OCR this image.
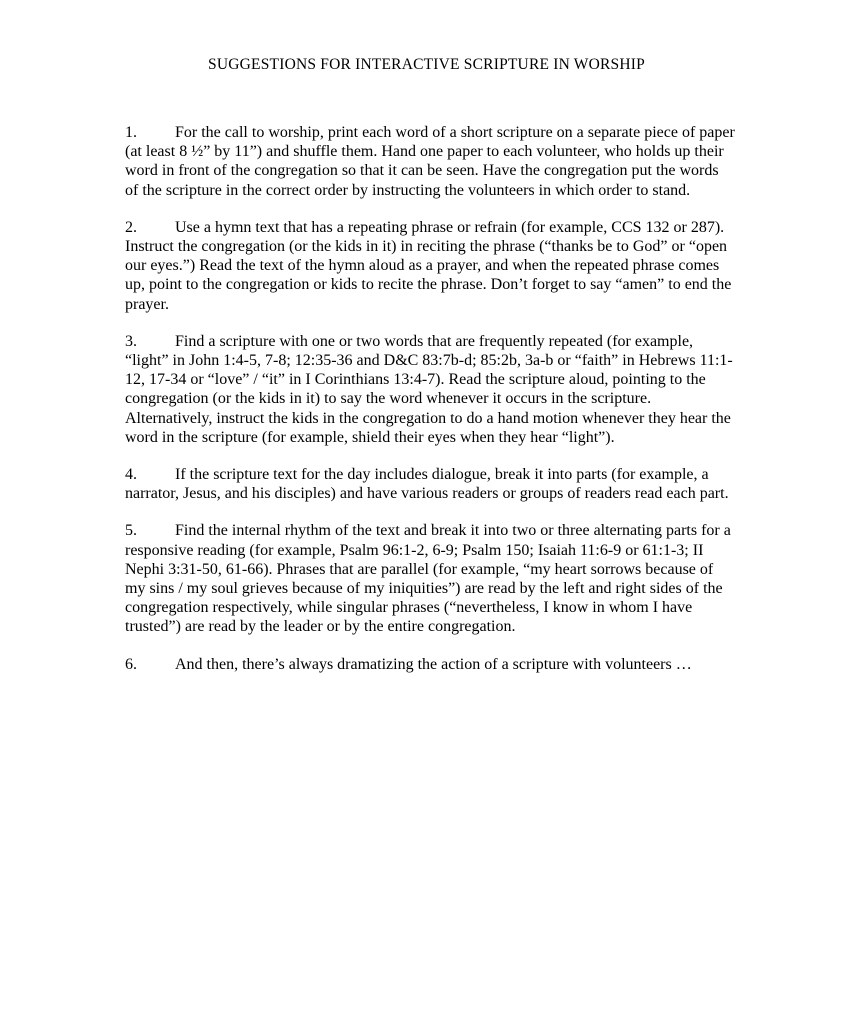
SUGGESTIONS FOR INTERACTIVE SCRIPTURE IN WORSHIP

1. For the call to worship, print each word of a short scripture on a separate piece of paper (at least 8 ½” by 11”) and shuffle them. Hand one paper to each volunteer, who holds up their word in front of the congregation so that it can be seen. Have the congregation put the words of the scripture in the correct order by instructing the volunteers in which order to stand.

2. Use a hymn text that has a repeating phrase or refrain (for example, CCS 132 or 287). Instruct the congregation (or the kids in it) in reciting the phrase (“thanks be to God” or “open our eyes.”) Read the text of the hymn aloud as a prayer, and when the repeated phrase comes up, point to the congregation or kids to recite the phrase. Don’t forget to say “amen” to end the prayer.

3. Find a scripture with one or two words that are frequently repeated (for example, “light” in John 1:4-5, 7-8; 12:35-36 and D&C 83:7b-d; 85:2b, 3a-b or “faith” in Hebrews 11:1-12, 17-34 or “love” / “it” in I Corinthians 13:4-7). Read the scripture aloud, pointing to the congregation (or the kids in it) to say the word whenever it occurs in the scripture. Alternatively, instruct the kids in the congregation to do a hand motion whenever they hear the word in the scripture (for example, shield their eyes when they hear “light”).

4. If the scripture text for the day includes dialogue, break it into parts (for example, a narrator, Jesus, and his disciples) and have various readers or groups of readers read each part.

5. Find the internal rhythm of the text and break it into two or three alternating parts for a responsive reading (for example, Psalm 96:1-2, 6-9; Psalm 150; Isaiah 11:6-9 or 61:1-3; II Nephi 3:31-50, 61-66). Phrases that are parallel (for example, “my heart sorrows because of my sins / my soul grieves because of my iniquities”) are read by the left and right sides of the congregation respectively, while singular phrases (“nevertheless, I know in whom I have trusted”) are read by the leader or by the entire congregation.

6. And then, there’s always dramatizing the action of a scripture with volunteers …
